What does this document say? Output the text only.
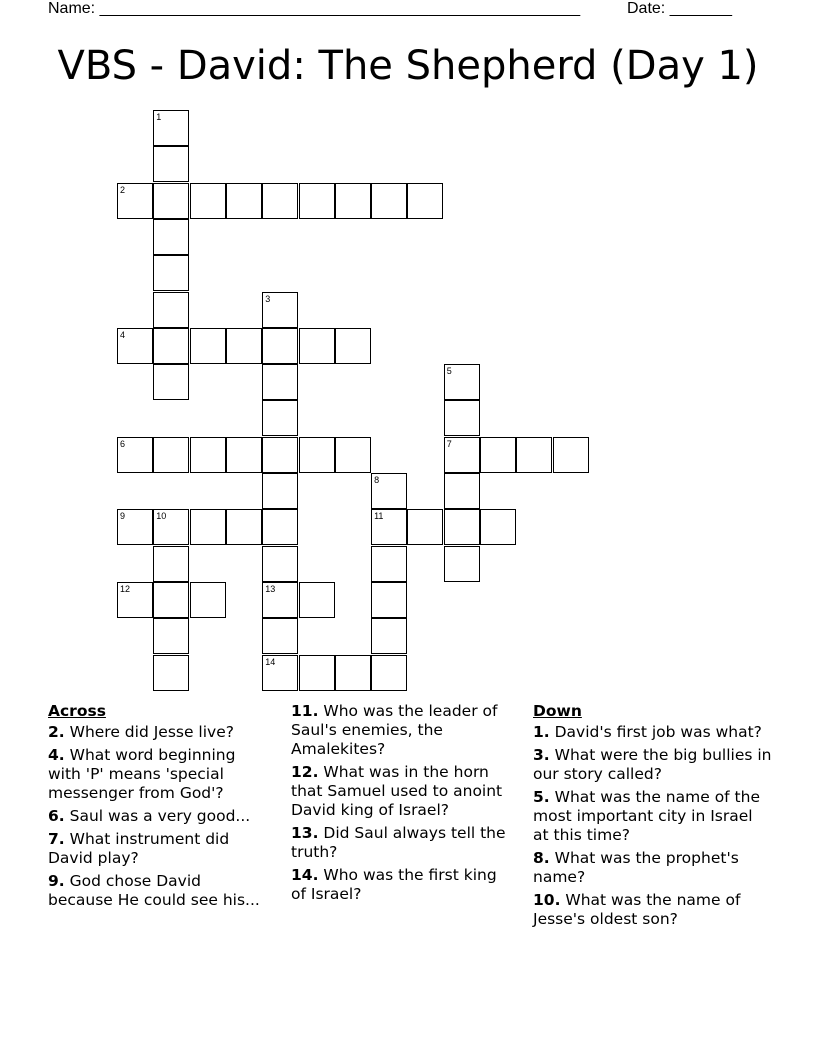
Name: ______________________________________________________	Date: _______
VBS - David: The Shepherd (Day 1)
1
2
3
13
14
4
5
7
6
8
11
9	10
12
Across
2. Where did Jesse live?
4. What word beginning with 'P' means 'special messenger from God'?
6. Saul was a very good...
7. What instrument did David play?
9. God chose David because He could see his...
11. Who was the leader of Saul's enemies, the Amalekites?
12. What was in the horn that Samuel used to anoint David king of Israel?
13. Did Saul always tell the truth?
14. Who was the first king of Israel?
Down
1. David's first job was what?
3. What were the big bullies in our story called?
5. What was the name of the most important city in Israel at this time?
8. What was the prophet's name?
10. What was the name of Jesse's oldest son?
